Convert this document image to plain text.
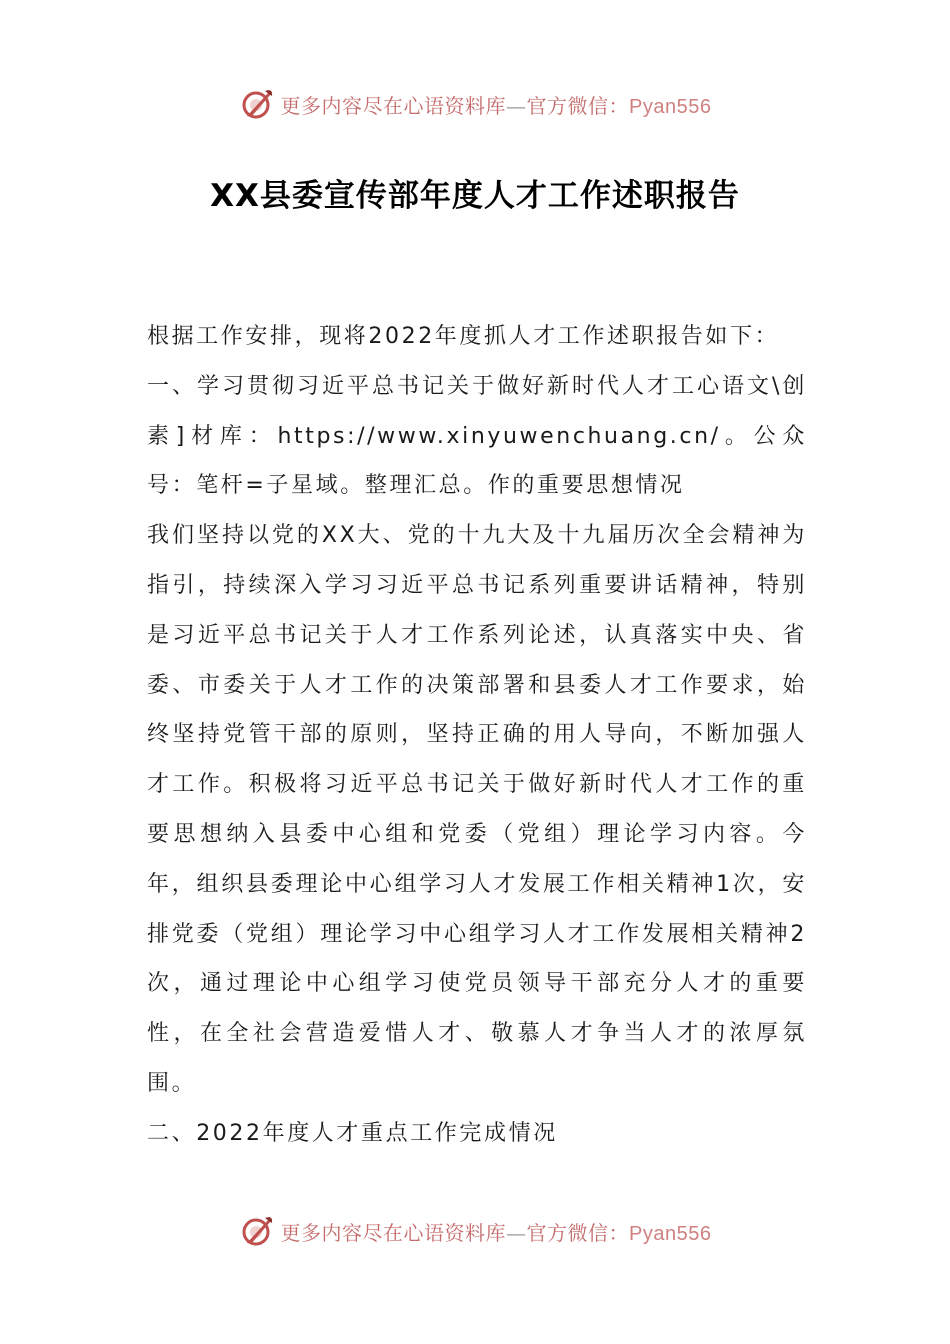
更多内容尽在心语资料库—官方微信：Pyan556
XX县委宣传部年度人才工作述职报告

根据工作安排，现将2022年度抓人才工作述职报告如下：

一、学习贯彻习近平总书记关于做好新时代人才工心语文\创素]材库：https://www.xinyuwenchuang.cn/。公众号：笔杆=子星域。整理汇总。作的重要思想情况

我们坚持以党的XX大、党的十九大及十九届历次全会精神为指引，持续深入学习习近平总书记系列重要讲话精神，特别是习近平总书记关于人才工作系列论述，认真落实中央、省委、市委关于人才工作的决策部署和县委人才工作要求，始终坚持党管干部的原则，坚持正确的用人导向，不断加强人才工作。积极将习近平总书记关于做好新时代人才工作的重要思想纳入县委中心组和党委（党组）理论学习内容。今年，组织县委理论中心组学习人才发展工作相关精神1次，安排党委（党组）理论学习中心组学习人才工作发展相关精神2次，通过理论中心组学习使党员领导干部充分人才的重要性，在全社会营造爱惜人才、敬慕人才争当人才的浓厚氛围。

二、2022年度人才重点工作完成情况

更多内容尽在心语资料库—官方微信：Pyan556
